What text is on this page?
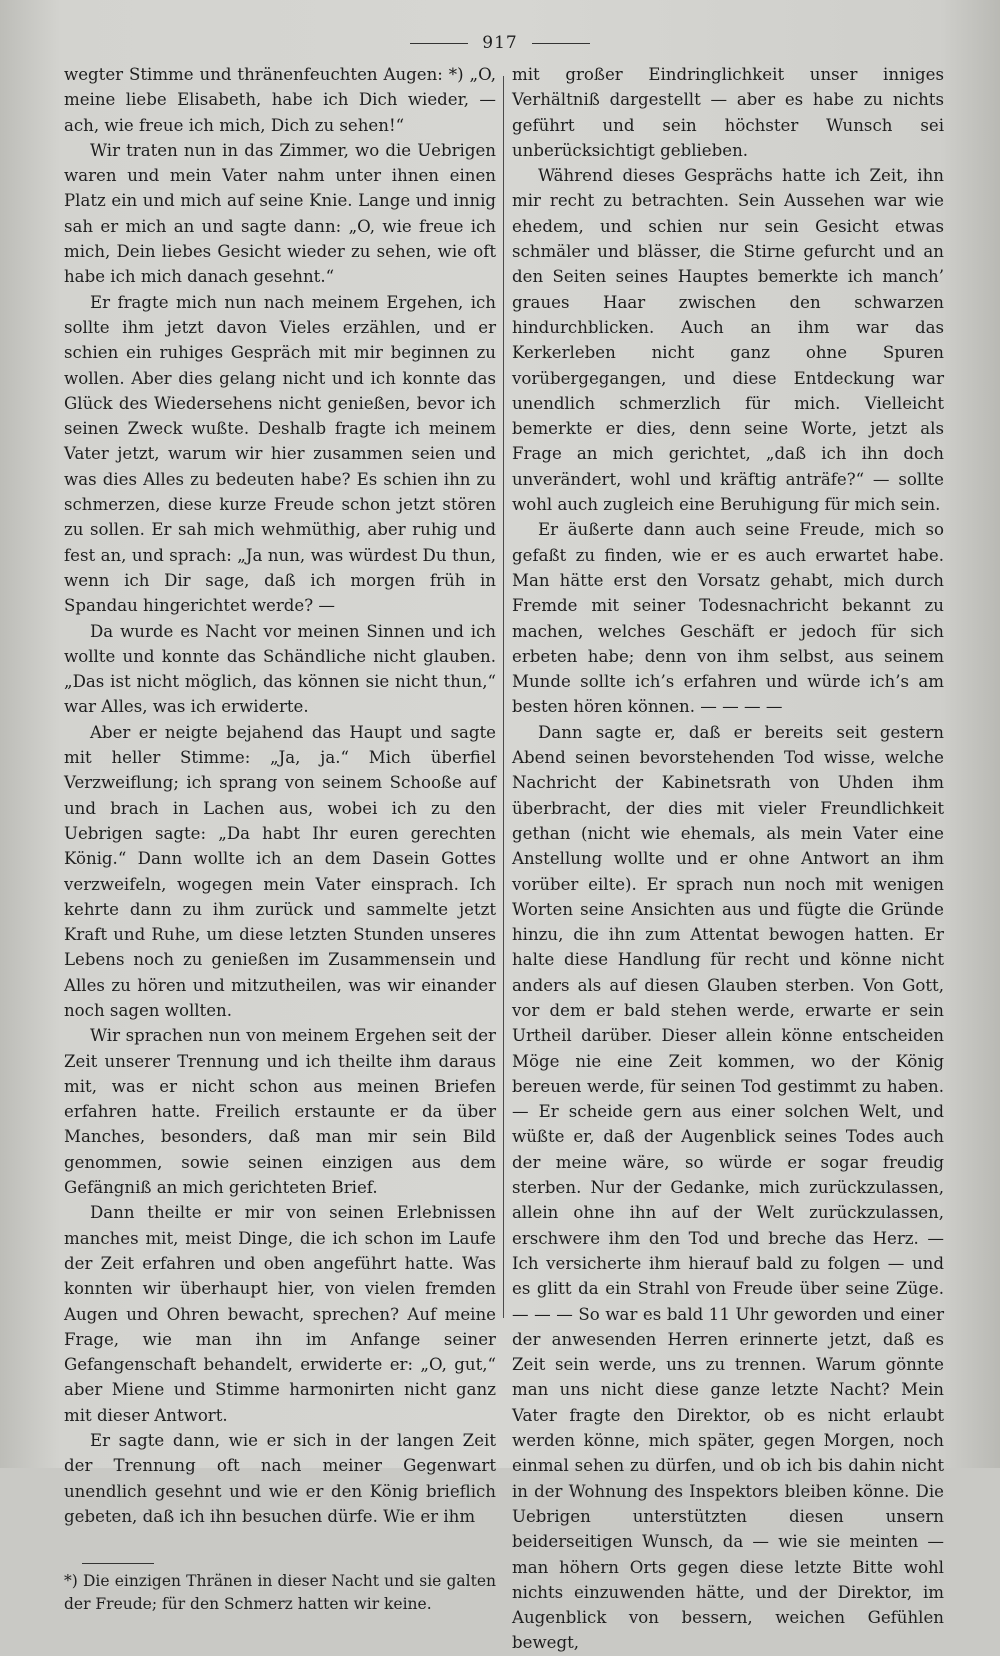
917

wegter Stimme und thränenfeuchten Augen: *) „O, meine liebe Elisabeth, habe ich Dich wieder, — ach, wie freue ich mich, Dich zu sehen!“

Wir traten nun in das Zimmer, wo die Uebrigen waren und mein Vater nahm unter ihnen einen Platz ein und mich auf seine Knie. Lange und innig sah er mich an und sagte dann: „O, wie freue ich mich, Dein liebes Gesicht wieder zu sehen, wie oft habe ich mich danach gesehnt.“

Er fragte mich nun nach meinem Ergehen, ich sollte ihm jetzt davon Vieles erzählen, und er schien ein ruhiges Gespräch mit mir beginnen zu wollen. Aber dies gelang nicht und ich konnte das Glück des Wiedersehens nicht genießen, bevor ich seinen Zweck wußte. Deshalb fragte ich meinem Vater jetzt, warum wir hier zusammen seien und was dies Alles zu bedeuten habe? Es schien ihn zu schmerzen, diese kurze Freude schon jetzt stören zu sollen. Er sah mich wehmüthig, aber ruhig und fest an, und sprach: „Ja nun, was würdest Du thun, wenn ich Dir sage, daß ich morgen früh in Spandau hingerichtet werde? —

Da wurde es Nacht vor meinen Sinnen und ich wollte und konnte das Schändliche nicht glauben. „Das ist nicht möglich, das können sie nicht thun,“ war Alles, was ich erwiderte.

Aber er neigte bejahend das Haupt und sagte mit heller Stimme: „Ja, ja.“ Mich überfiel Verzweiflung; ich sprang von seinem Schooße auf und brach in Lachen aus, wobei ich zu den Uebrigen sagte: „Da habt Ihr euren gerechten König.“ Dann wollte ich an dem Dasein Gottes verzweifeln, wogegen mein Vater einsprach. Ich kehrte dann zu ihm zurück und sammelte jetzt Kraft und Ruhe, um diese letzten Stunden unseres Lebens noch zu genießen im Zusammensein und Alles zu hören und mitzutheilen, was wir einander noch sagen wollten.

Wir sprachen nun von meinem Ergehen seit der Zeit unserer Trennung und ich theilte ihm daraus mit, was er nicht schon aus meinen Briefen erfahren hatte. Freilich erstaunte er da über Manches, besonders, daß man mir sein Bild genommen, sowie seinen einzigen aus dem Gefängniß an mich gerichteten Brief.

Dann theilte er mir von seinen Erlebnissen manches mit, meist Dinge, die ich schon im Laufe der Zeit erfahren und oben angeführt hatte. Was konnten wir überhaupt hier, von vielen fremden Augen und Ohren bewacht, sprechen? Auf meine Frage, wie man ihn im Anfange seiner Gefangenschaft behandelt, erwiderte er: „O, gut,“ aber Miene und Stimme harmonirten nicht ganz mit dieser Antwort.

Er sagte dann, wie er sich in der langen Zeit der Trennung oft nach meiner Gegenwart unendlich gesehnt und wie er den König brieflich gebeten, daß ich ihn besuchen dürfe. Wie er ihm

*) Die einzigen Thränen in dieser Nacht und sie galten der Freude; für den Schmerz hatten wir keine.

mit großer Eindringlichkeit unser inniges Verhältniß dargestellt — aber es habe zu nichts geführt und sein höchster Wunsch sei unberücksichtigt geblieben.

Während dieses Gesprächs hatte ich Zeit, ihn mir recht zu betrachten. Sein Aussehen war wie ehedem, und schien nur sein Gesicht etwas schmäler und blässer, die Stirne gefurcht und an den Seiten seines Hauptes bemerkte ich manch’ graues Haar zwischen den schwarzen hindurchblicken. Auch an ihm war das Kerkerleben nicht ganz ohne Spuren vorübergegangen, und diese Entdeckung war unendlich schmerzlich für mich. Vielleicht bemerkte er dies, denn seine Worte, jetzt als Frage an mich gerichtet, „daß ich ihn doch unverändert, wohl und kräftig anträfe?“ — sollte wohl auch zugleich eine Beruhigung für mich sein.

Er äußerte dann auch seine Freude, mich so gefaßt zu finden, wie er es auch erwartet habe. Man hätte erst den Vorsatz gehabt, mich durch Fremde mit seiner Todesnachricht bekannt zu machen, welches Geschäft er jedoch für sich erbeten habe; denn von ihm selbst, aus seinem Munde sollte ich’s erfahren und würde ich’s am besten hören können. — — — —

Dann sagte er, daß er bereits seit gestern Abend seinen bevorstehenden Tod wisse, welche Nachricht der Kabinetsrath von Uhden ihm überbracht, der dies mit vieler Freundlichkeit gethan (nicht wie ehemals, als mein Vater eine Anstellung wollte und er ohne Antwort an ihm vorüber eilte). Er sprach nun noch mit wenigen Worten seine Ansichten aus und fügte die Gründe hinzu, die ihn zum Attentat bewogen hatten. Er halte diese Handlung für recht und könne nicht anders als auf diesen Glauben sterben. Von Gott, vor dem er bald stehen werde, erwarte er sein Urtheil darüber. Dieser allein könne entscheiden Möge nie eine Zeit kommen, wo der König bereuen werde, für seinen Tod gestimmt zu haben. — Er scheide gern aus einer solchen Welt, und wüßte er, daß der Augenblick seines Todes auch der meine wäre, so würde er sogar freudig sterben. Nur der Gedanke, mich zurückzulassen, allein ohne ihn auf der Welt zurückzulassen, erschwere ihm den Tod und breche das Herz. — Ich versicherte ihm hierauf bald zu folgen — und es glitt da ein Strahl von Freude über seine Züge. — — — So war es bald 11 Uhr geworden und einer der anwesenden Herren erinnerte jetzt, daß es Zeit sein werde, uns zu trennen. Warum gönnte man uns nicht diese ganze letzte Nacht? Mein Vater fragte den Direktor, ob es nicht erlaubt werden könne, mich später, gegen Morgen, noch einmal sehen zu dürfen, und ob ich bis dahin nicht in der Wohnung des Inspektors bleiben könne. Die Uebrigen unterstützten diesen unsern beiderseitigen Wunsch, da — wie sie meinten — man höhern Orts gegen diese letzte Bitte wohl nichts einzuwenden hätte, und der Direktor, im Augenblick von bessern, weichen Gefühlen bewegt,
